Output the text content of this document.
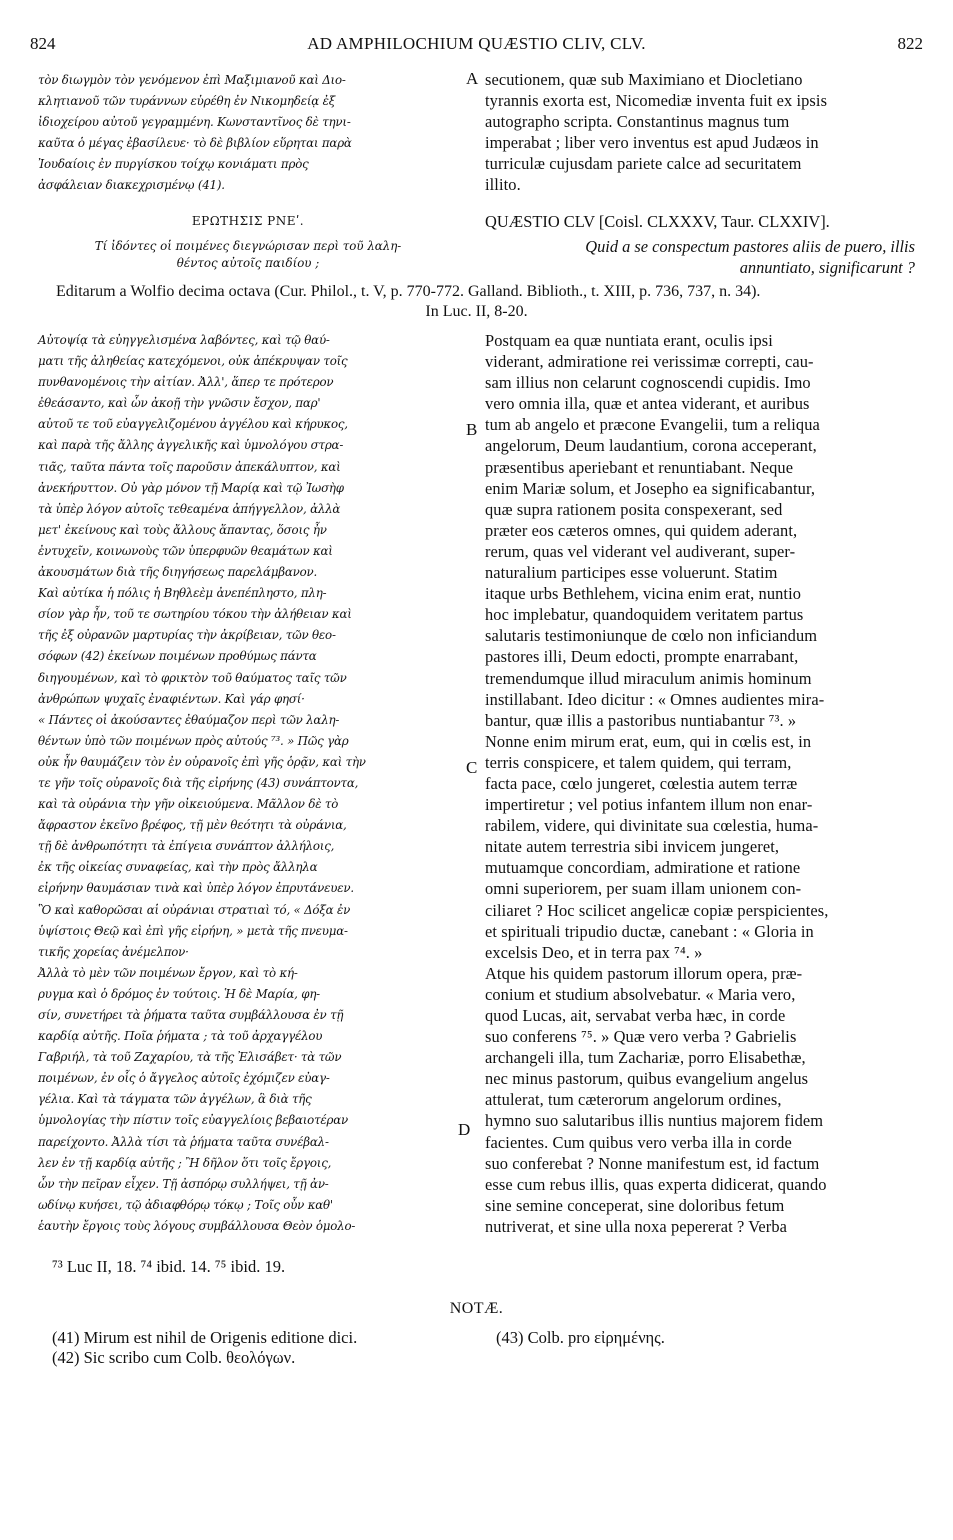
824	AD AMPHILOCHIUM QUÆSTIO CLIV, CLV.	822
τὸν διωγμὸν τὸν γενόμενον ἐπὶ Μαξιμιανοῦ καὶ Διο-
κλητιανοῦ τῶν τυράννων εὑρέθη ἐν Νικομηδείᾳ ἐξ
ἰδιοχείρου αὐτοῦ γεγραμμένη. Κωνσταντῖνος δὲ τηνι-
καῦτα ὁ μέγας ἐβασίλευε· τὸ δὲ βιβλίον εὕρηται παρὰ
Ἰουδαίοις ἐν πυργίσκου τοίχῳ κονιάματι πρὸς
ἀσφάλειαν διακεχρισμένῳ (41).
A secutionem, quæ sub Maximiano et Diocletiano
tyrannis exorta est, Nicomediæ inventa fuit ex ipsis
autographo scripta. Constantinus magnus tum
imperabat ; liber vero inventus est apud Judæos in
turriculæ cujusdam pariete calce ad securitatem
illito.
ΕΡΩΤΗΣΙΣ ΡΝΕʹ.
Τί ἰδόντες οἱ ποιμένες διεγνώρισαν περὶ τοῦ λαλη-
θέντος αὐτοῖς παιδίου ;
QUÆSTIO CLV [Coisl. CLXXXV, Taur. CLXXIV].
Quid a se conspectum pastores aliis de puero, illis
annuntiato, significarunt ?
Editarum a Wolfio decima octava (Cur. Philol., t. V, p. 770-772. Galland. Biblioth., t. XIII, p. 736, 737, n. 34).
In Luc. II, 8-20.
Αὐτοψίᾳ τὰ εὐηγγελισμένα λαβόντες, καὶ τῷ θαύ-
ματι τῆς ἀληθείας κατεχόμενοι, οὐκ ἀπέκρυψαν τοῖς
πυνθανομένοις τὴν αἰτίαν. Ἀλλ', ἅπερ τε πρότερον
ἐθεάσαντο, καὶ ὧν ἀκοῇ τὴν γνῶσιν ἔσχον, παρ'
αὐτοῦ τε τοῦ εὐαγγελιζομένου ἀγγέλου καὶ κήρυκος,
καὶ παρὰ τῆς ἄλλης ἀγγελικῆς καὶ ὑμνολόγου στρα-
τιᾶς, ταῦτα πάντα τοῖς παροῦσιν ἀπεκάλυπτον, καὶ
ἀνεκήρυττον. Οὐ γὰρ μόνον τῇ Μαρίᾳ καὶ τῷ Ἰωσὴφ
τὰ ὑπὲρ λόγον αὐτοῖς τεθεαμένα ἀπήγγελλον, ἀλλὰ
μετ' ἐκείνους καὶ τοὺς ἄλλους ἅπαντας, ὅσοις ἦν
ἐντυχεῖν, κοινωνοὺς τῶν ὑπερφυῶν θεαμάτων καὶ
ἀκουσμάτων διὰ τῆς διηγήσεως παρελάμβανον.
Καὶ αὐτίκα ἡ πόλις ἡ Βηθλεὲμ ἀνεπέπληστο, πλη-
σίον γὰρ ἦν, τοῦ τε σωτηρίου τόκου τὴν ἀλήθειαν καὶ
τῆς ἐξ οὐρανῶν μαρτυρίας τὴν ἀκρίβειαν, τῶν θεο-
σόφων (42) ἐκείνων ποιμένων προθύμως πάντα
διηγουμένων, καὶ τὸ φρικτὸν τοῦ θαύματος ταῖς τῶν
ἀνθρώπων ψυχαῖς ἐναφιέντων. Καὶ γάρ φησί·
« Πάντες οἱ ἀκούσαντες ἐθαύμαζον περὶ τῶν λαλη-
θέντων ὑπὸ τῶν ποιμένων πρὸς αὐτούς ⁷³. » Πῶς γὰρ
οὐκ ἦν θαυμάζειν τὸν ἐν οὐρανοῖς ἐπὶ γῆς ὁρᾷν, καὶ τὴν
τε γῆν τοῖς οὐρανοῖς διὰ τῆς εἰρήνης (43) συνάπτοντα,
καὶ τὰ οὐράνια τὴν γῆν οἰκειούμενα. Μᾶλλον δὲ τὸ
ἄφραστον ἐκεῖνο βρέφος, τῇ μὲν θεότητι τὰ οὐράνια,
τῇ δὲ ἀνθρωπότητι τὰ ἐπίγεια συνάπτον ἀλλήλοις,
ἐκ τῆς οἰκείας συναφείας, καὶ τὴν πρὸς ἄλληλα
εἰρήνην θαυμάσιαν τινὰ καὶ ὑπὲρ λόγον ἐπρυτάνευεν.
Ὃ καὶ καθορῶσαι αἱ οὐράνιαι στρατιαὶ τό, « Δόξα ἐν
ὑψίστοις Θεῷ καὶ ἐπὶ γῆς εἰρήνη, » μετὰ τῆς πνευμα-
τικῆς χορείας ἀνέμελπον·
Ἀλλὰ τὸ μὲν τῶν ποιμένων ἔργον, καὶ τὸ κή-
ρυγμα καὶ ὁ δρόμος ἐν τούτοις. Ἡ δὲ Μαρία, φη-
σίν, συνετήρει τὰ ῥήματα ταῦτα συμβάλλουσα ἐν τῇ
καρδίᾳ αὐτῆς. Ποῖα ῥήματα ; τὰ τοῦ ἀρχαγγέλου
Γαβριήλ, τὰ τοῦ Ζαχαρίου, τὰ τῆς Ἐλισάβετ· τὰ τῶν
ποιμένων, ἐν οἷς ὁ ἄγγελος αὐτοῖς ἐχόμιζεν εὐαγ-
γέλια. Καὶ τὰ τάγματα τῶν ἀγγέλων, ἃ διὰ τῆς
ὑμνολογίας τὴν πίστιν τοῖς εὐαγγελίοις βεβαιοτέραν
παρείχοντο. Ἀλλὰ τίσι τὰ ῥήματα ταῦτα συνέβαλ-
λεν ἐν τῇ καρδίᾳ αὐτῆς ; Ἢ δῆλον ὅτι τοῖς ἔργοις,
ὧν τὴν πεῖραν εἶχεν. Τῇ ἀσπόρῳ συλλήψει, τῇ ἀν-
ωδίνῳ κυήσει, τῷ ἀδιαφθόρῳ τόκῳ ; Τοῖς οὖν καθ'
ἑαυτὴν ἔργοις τοὺς λόγους συμβάλλουσα Θεὸν ὁμολο-
B
C
D
Postquam ea quæ nuntiata erant, oculis ipsi
viderant, admiratione rei verissimæ correpti, cau-
sam illius non celarunt cognoscendi cupidis. Imo
vero omnia illa, quæ et antea viderant, et auribus
tum ab angelo et præcone Evangelii, tum a reliqua
angelorum, Deum laudantium, corona acceperant,
præsentibus aperiebant et renuntiabant. Neque
enim Mariæ solum, et Josepho ea significabantur,
quæ supra rationem posita conspexerant, sed
præter eos cæteros omnes, qui quidem aderant,
rerum, quas vel viderant vel audiverant, super-
naturalium participes esse voluerunt. Statim
itaque urbs Bethlehem, vicina enim erat, nuntio
hoc implebatur, quandoquidem veritatem partus
salutaris testimoniunque de cœlo non inficiandum
pastores illi, Deum edocti, prompte enarrabant,
tremendumque illud miraculum animis hominum
instillabant. Ideo dicitur : « Omnes audientes mira-
bantur, quæ illis a pastoribus nuntiabantur ⁷³. »
Nonne enim mirum erat, eum, qui in cœlis est, in
terris conspicere, et talem quidem, qui terram,
facta pace, cœlo jungeret, cœlestia autem terræ
impertiretur ; vel potius infantem illum non enar-
rabilem, videre, qui divinitate sua cœlestia, huma-
nitate autem terrestria sibi invicem jungeret,
mutuamque concordiam, admiratione et ratione
omni superiorem, per suam illam unionem con-
ciliaret ? Hoc scilicet angelicæ copiæ perspicientes,
et spirituali tripudio ductæ, canebant : « Gloria in
excelsis Deo, et in terra pax ⁷⁴. »
Atque his quidem pastorum illorum opera, præ-
conium et studium absolvebatur. « Maria vero,
quod Lucas, ait, servabat verba hæc, in corde
suo conferens ⁷⁵. » Quæ vero verba ? Gabrielis
archangeli illa, tum Zachariæ, porro Elisabethæ,
nec minus pastorum, quibus evangelium angelus
attulerat, tum cæterorum angelorum ordines,
hymno suo salutaribus illis nuntius majorem fidem
facientes. Cum quibus vero verba illa in corde
suo conferebat ? Nonne manifestum est, id factum
esse cum rebus illis, quas experta didicerat, quando
sine semine conceperat, sine doloribus fetum
nutriverat, et sine ulla noxa pepererat ? Verba
⁷³ Luc II, 18. ⁷⁴ ibid. 14. ⁷⁵ ibid. 19.
NOTÆ.
(41) Mirum est nihil de Origenis editione dici.
(42) Sic scribo cum Colb. θεολόγων.
(43) Colb. pro εἰρημένης.
